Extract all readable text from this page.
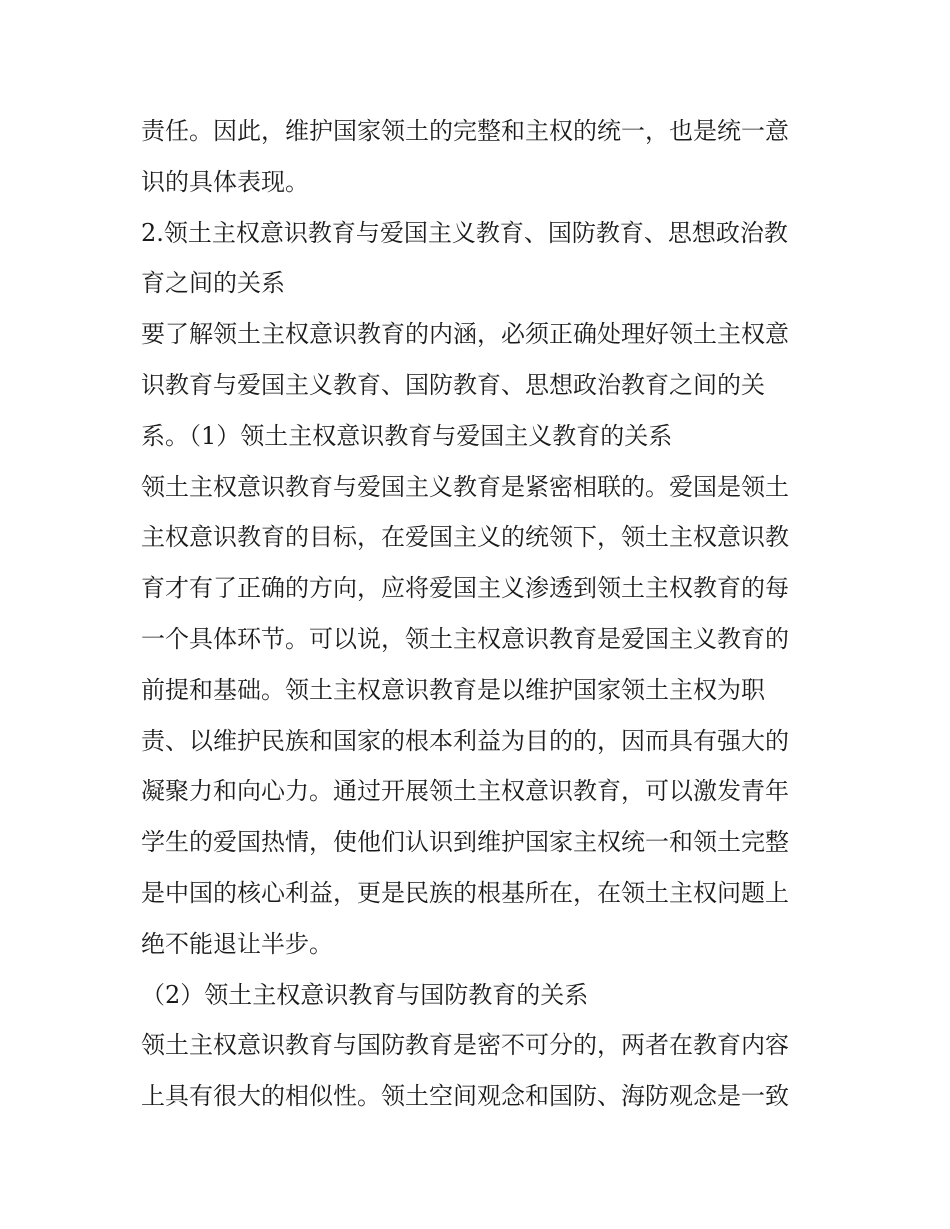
责任。因此，维护国家领土的完整和主权的统一，也是统一意
识的具体表现。
2.领土主权意识教育与爱国主义教育、国防教育、思想政治教
育之间的关系
要了解领土主权意识教育的内涵，必须正确处理好领土主权意
识教育与爱国主义教育、国防教育、思想政治教育之间的关
系。（1）领土主权意识教育与爱国主义教育的关系
领土主权意识教育与爱国主义教育是紧密相联的。爱国是领土
主权意识教育的目标，在爱国主义的统领下，领土主权意识教
育才有了正确的方向，应将爱国主义渗透到领土主权教育的每
一个具体环节。可以说，领土主权意识教育是爱国主义教育的
前提和基础。领土主权意识教育是以维护国家领土主权为职
责、以维护民族和国家的根本利益为目的的，因而具有强大的
凝聚力和向心力。通过开展领土主权意识教育，可以激发青年
学生的爱国热情，使他们认识到维护国家主权统一和领土完整
是中国的核心利益，更是民族的根基所在，在领土主权问题上
绝不能退让半步。
（2）领土主权意识教育与国防教育的关系
领土主权意识教育与国防教育是密不可分的，两者在教育内容
上具有很大的相似性。领土空间观念和国防、海防观念是一致
